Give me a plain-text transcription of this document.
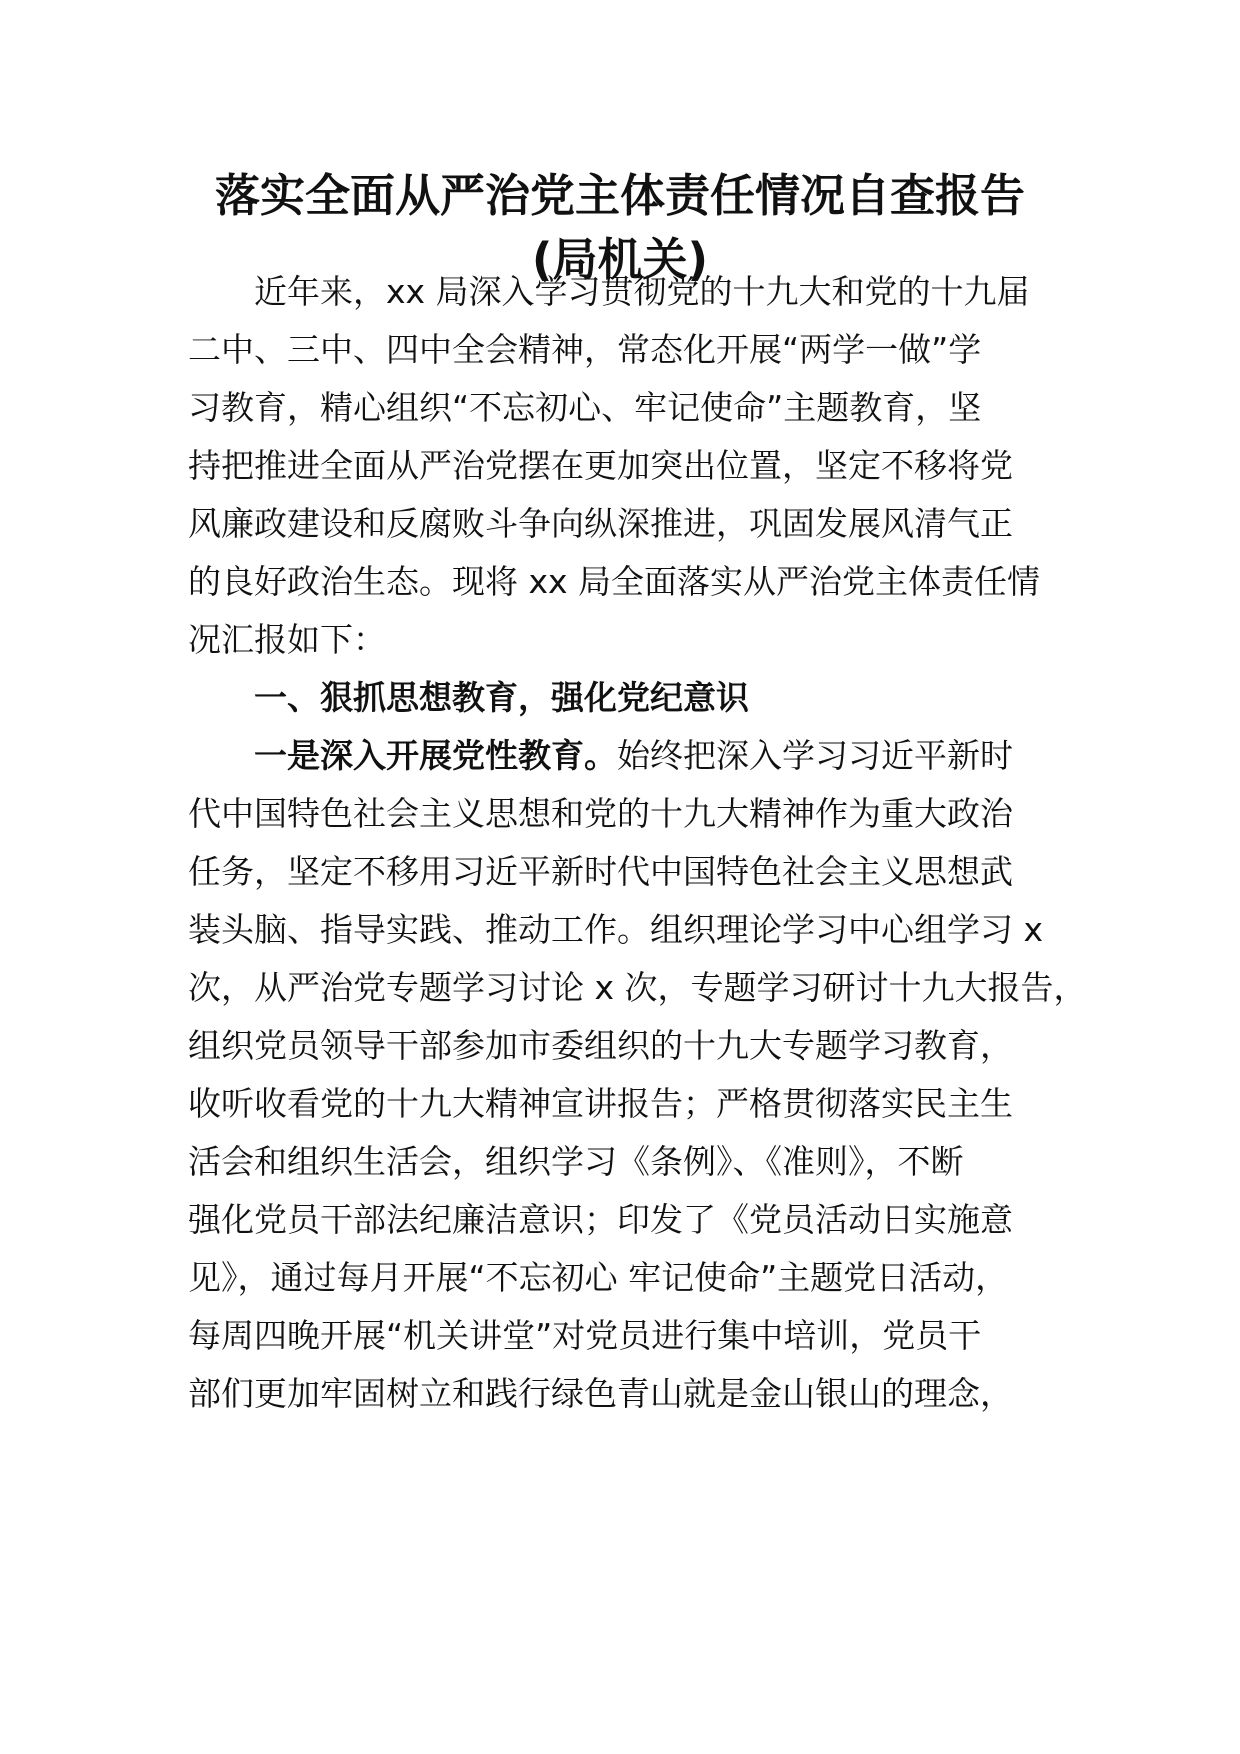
落实全面从严治党主体责任情况自查报告
(局机关)

近年来，xx 局深入学习贯彻党的十九大和党的十九届

二中、三中、四中全会精神，常态化开展“两学一做”学

习教育，精心组织“不忘初心、牢记使命”主题教育，坚

持把推进全面从严治党摆在更加突出位置，坚定不移将党

风廉政建设和反腐败斗争向纵深推进，巩固发展风清气正

的良好政治生态。现将 xx 局全面落实从严治党主体责任情

况汇报如下：

一、狠抓思想教育，强化党纪意识

一是深入开展党性教育。始终把深入学习习近平新时

代中国特色社会主义思想和党的十九大精神作为重大政治

任务，坚定不移用习近平新时代中国特色社会主义思想武

装头脑、指导实践、推动工作。组织理论学习中心组学习 x

次，从严治党专题学习讨论 x 次，专题学习研讨十九大报告，

组织党员领导干部参加市委组织的十九大专题学习教育，

收听收看党的十九大精神宣讲报告；严格贯彻落实民主生

活会和组织生活会，组织学习《条例》、《准则》，不断

强化党员干部法纪廉洁意识；印发了《党员活动日实施意

见》，通过每月开展“不忘初心 牢记使命”主题党日活动，

每周四晚开展“机关讲堂”对党员进行集中培训，党员干

部们更加牢固树立和践行绿色青山就是金山银山的理念，
